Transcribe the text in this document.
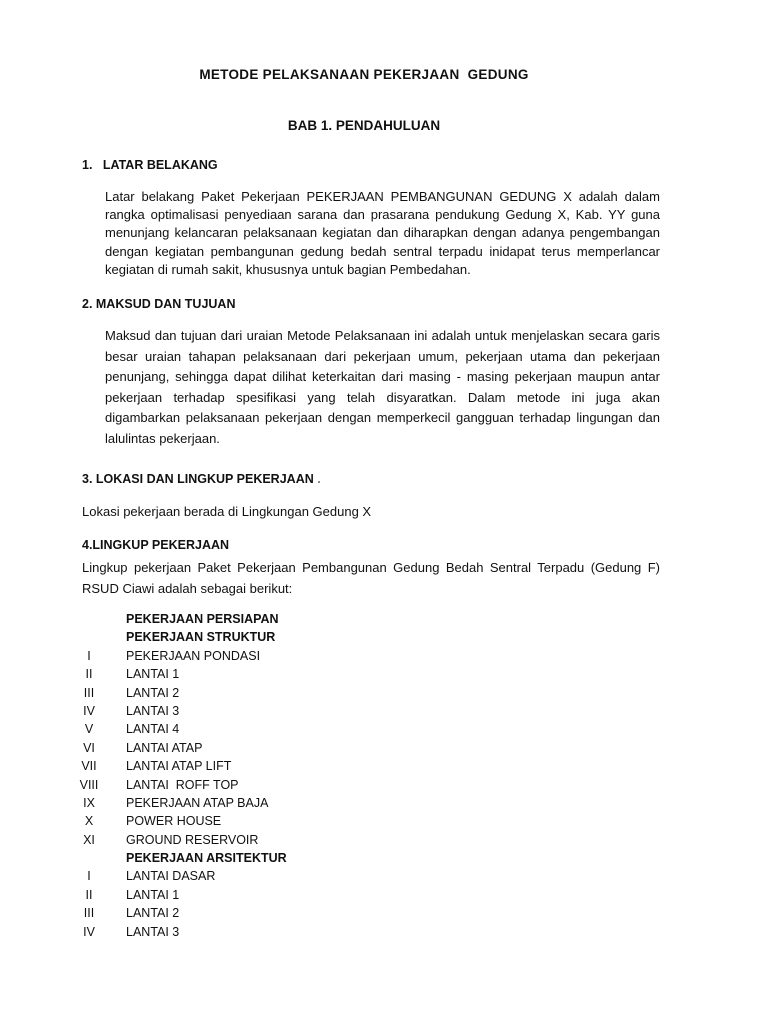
METODE PELAKSANAAN PEKERJAAN  GEDUNG
BAB 1. PENDAHULUAN
1.   LATAR BELAKANG
Latar belakang Paket Pekerjaan PEKERJAAN PEMBANGUNAN GEDUNG X adalah dalam rangka optimalisasi penyediaan sarana dan prasarana pendukung Gedung X, Kab. YY guna menunjang kelancaran pelaksanaan kegiatan dan diharapkan dengan adanya pengembangan dengan kegiatan pembangunan gedung bedah sentral terpadu inidapat terus memperlancar kegiatan di rumah sakit, khususnya untuk bagian Pembedahan.
2. MAKSUD DAN TUJUAN
Maksud dan tujuan dari uraian Metode Pelaksanaan ini adalah untuk menjelaskan secara garis besar uraian tahapan pelaksanaan dari pekerjaan umum, pekerjaan utama dan pekerjaan penunjang, sehingga dapat dilihat keterkaitan dari masing - masing pekerjaan maupun antar pekerjaan terhadap spesifikasi yang telah disyaratkan. Dalam metode ini juga akan digambarkan pelaksanaan pekerjaan dengan memperkecil gangguan terhadap lingungan dan lalulintas pekerjaan.
3. LOKASI DAN LINGKUP PEKERJAAN .
Lokasi pekerjaan berada di Lingkungan Gedung X
4.LINGKUP PEKERJAAN
Lingkup pekerjaan Paket Pekerjaan Pembangunan Gedung Bedah Sentral Terpadu (Gedung F) RSUD Ciawi adalah sebagai berikut:
PEKERJAAN PERSIAPAN
PEKERJAAN STRUKTUR
I	PEKERJAAN PONDASI
II	LANTAI 1
III	LANTAI 2
IV	LANTAI 3
V	LANTAI 4
VI	LANTAI ATAP
VII	LANTAI ATAP LIFT
VIII	LANTAI  ROFF TOP
IX	PEKERJAAN ATAP BAJA
X	POWER HOUSE
XI	GROUND RESERVOIR
PEKERJAAN ARSITEKTUR
I	LANTAI DASAR
II	LANTAI 1
III	LANTAI 2
IV	LANTAI 3
